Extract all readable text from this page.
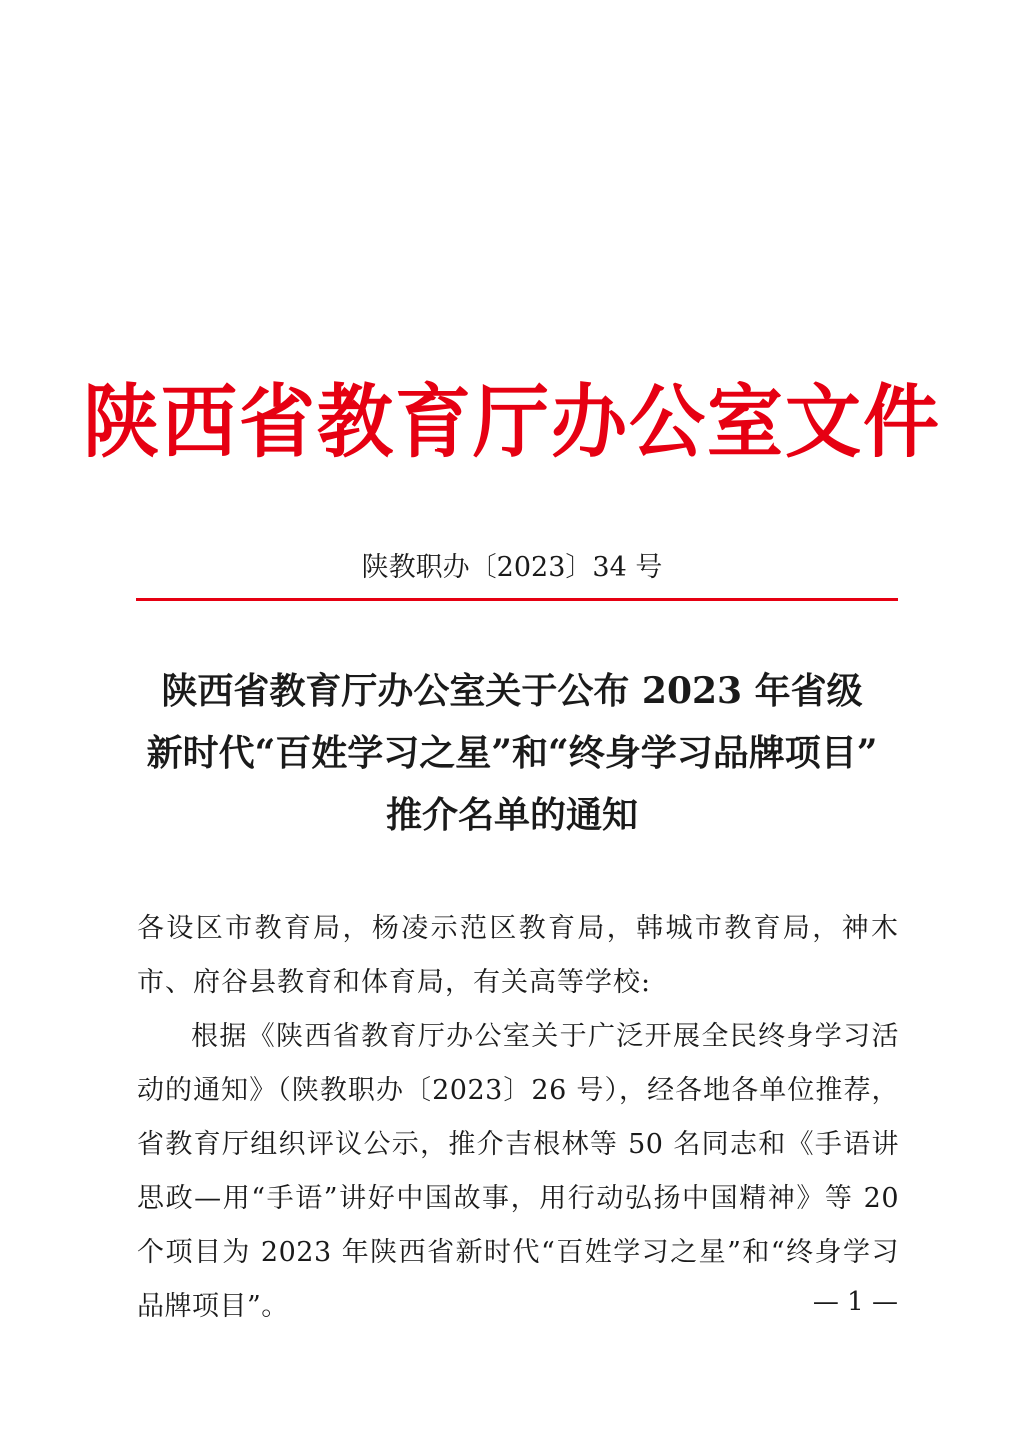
陕西省教育厅办公室文件
陕教职办〔2023〕34 号
陕西省教育厅办公室关于公布 2023 年省级
新时代“百姓学习之星”和“终身学习品牌项目”
推介名单的通知

各设区市教育局，杨凌示范区教育局，韩城市教育局，神木市、府谷县教育和体育局，有关高等学校:

根据《陕西省教育厅办公室关于广泛开展全民终身学习活动的通知》（陕教职办〔2023〕26 号），经各地各单位推荐，省教育厅组织评议公示，推介吉根林等 50 名同志和《手语讲思政—用“手语”讲好中国故事，用行动弘扬中国精神》等 20 个项目为 2023 年陕西省新时代“百姓学习之星”和“终身学习品牌项目”。	— 1 —
